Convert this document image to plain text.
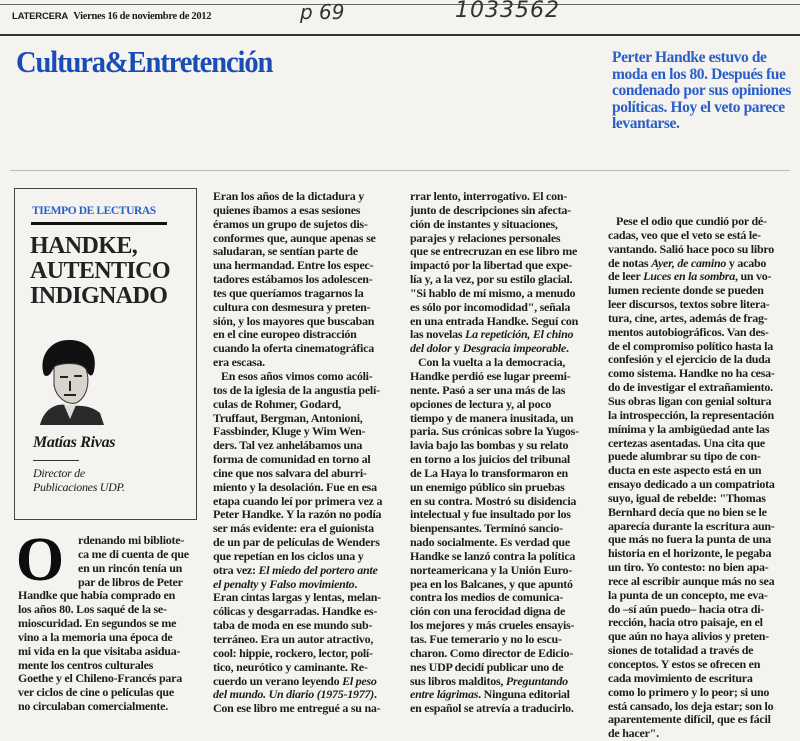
LATERCERA Viernes 16 de noviembre de 2012	p 69	1033562
Cultura&Entretención	Perter Handke estuvo de moda en los 80. Después fue condenado por sus opiniones políticas. Hoy el veto parece levantarse.
TIEMPO DE LECTURAS
HANDKE,
AUTENTICO
INDIGNADO
Matías Rivas
Director de
Publicaciones UDP.
O	rdenando mi bibliote-
ca me di cuenta de que
en un rincón tenía un
par de libros de Peter
Handke que había comprado en
los años 80. Los saqué de la se-
mioscuridad. En segundos se me
vino a la memoria una época de
mi vida en la que visitaba asidua-
mente los centros culturales
Goethe y el Chileno-Francés para
ver ciclos de cine o películas que
no circulaban comercialmente.
Eran los años de la dictadura y
quienes íbamos a esas sesiones
éramos un grupo de sujetos dis-
conformes que, aunque apenas se
saludaran, se sentían parte de
una hermandad. Entre los espec-
tadores estábamos los adolescen-
tes que queríamos tragarnos la
cultura con desmesura y preten-
sión, y los mayores que buscaban
en el cine europeo distracción
cuando la oferta cinematográfica
era escasa.
En esos años vimos como acóli-
tos de la iglesia de la angustia pelí-
culas de Rohmer, Godard,
Truffaut, Bergman, Antonioni,
Fassbinder, Kluge y Wim Wen-
ders. Tal vez anhelábamos una
forma de comunidad en torno al
cine que nos salvara del aburri-
miento y la desolación. Fue en esa
etapa cuando leí por primera vez a
Peter Handke. Y la razón no podía
ser más evidente: era el guionista
de un par de películas de Wenders
que repetían en los ciclos una y
otra vez: El miedo del portero ante
el penalty y Falso movimiento.
Eran cintas largas y lentas, melan-
cólicas y desgarradas. Handke es-
taba de moda en ese mundo sub-
terráneo. Era un autor atractivo,
cool: hippie, rockero, lector, polí-
tico, neurótico y caminante. Re-
cuerdo un verano leyendo El peso
del mundo. Un diario (1975-1977).
Con ese libro me entregué a su na-
rrar lento, interrogativo. El con-
junto de descripciones sin afecta-
ción de instantes y situaciones,
parajes y relaciones personales
que se entrecruzan en ese libro me
impactó por la libertad que expe-
lía y, a la vez, por su estilo glacial.
"Si hablo de mí mismo, a menudo
es sólo por incomodidad", señala
en una entrada Handke. Seguí con
las novelas La repetición, El chino
del dolor y Desgracia impeorable.
Con la vuelta a la democracia,
Handke perdió ese lugar preemi-
nente. Pasó a ser una más de las
opciones de lectura y, al poco
tiempo y de manera inusitada, un
paria. Sus crónicas sobre la Yugos-
lavia bajo las bombas y su relato
en torno a los juicios del tribunal
de La Haya lo transformaron en
un enemigo público sin pruebas
en su contra. Mostró su disidencia
intelectual y fue insultado por los
bienpensantes. Terminó sancio-
nado socialmente. Es verdad que
Handke se lanzó contra la política
norteamericana y la Unión Euro-
pea en los Balcanes, y que apuntó
contra los medios de comunica-
ción con una ferocidad digna de
los mejores y más crueles ensayis-
tas. Fue temerario y no lo escu-
charon. Como director de Edicio-
nes UDP decidí publicar uno de
sus libros malditos, Preguntando
entre lágrimas. Ninguna editorial
en español se atrevía a traducirlo.
Pese el odio que cundió por dé-
cadas, veo que el veto se está le-
vantando. Salió hace poco su libro
de notas Ayer, de camino y acabo
de leer Luces en la sombra, un vo-
lumen reciente donde se pueden
leer discursos, textos sobre litera-
tura, cine, artes, además de frag-
mentos autobiográficos. Van des-
de el compromiso político hasta la
confesión y el ejercicio de la duda
como sistema. Handke no ha cesa-
do de investigar el extrañamiento.
Sus obras ligan con genial soltura
la introspección, la representación
mínima y la ambigüedad ante las
certezas asentadas. Una cita que
puede alumbrar su tipo de con-
ducta en este aspecto está en un
ensayo dedicado a un compatriota
suyo, igual de rebelde: "Thomas
Bernhard decía que no bien se le
aparecía durante la escritura aun-
que más no fuera la punta de una
historia en el horizonte, le pegaba
un tiro. Yo contesto: no bien apa-
rece al escribir aunque más no sea
la punta de un concepto, me eva-
do –sí aún puedo– hacia otra di-
rección, hacia otro paisaje, en el
que aún no haya alivios y preten-
siones de totalidad a través de
conceptos. Y estos se ofrecen en
cada movimiento de escritura
como lo primero y lo peor; si uno
está cansado, los deja estar; son lo
aparentemente difícil, que es fácil
de hacer".
